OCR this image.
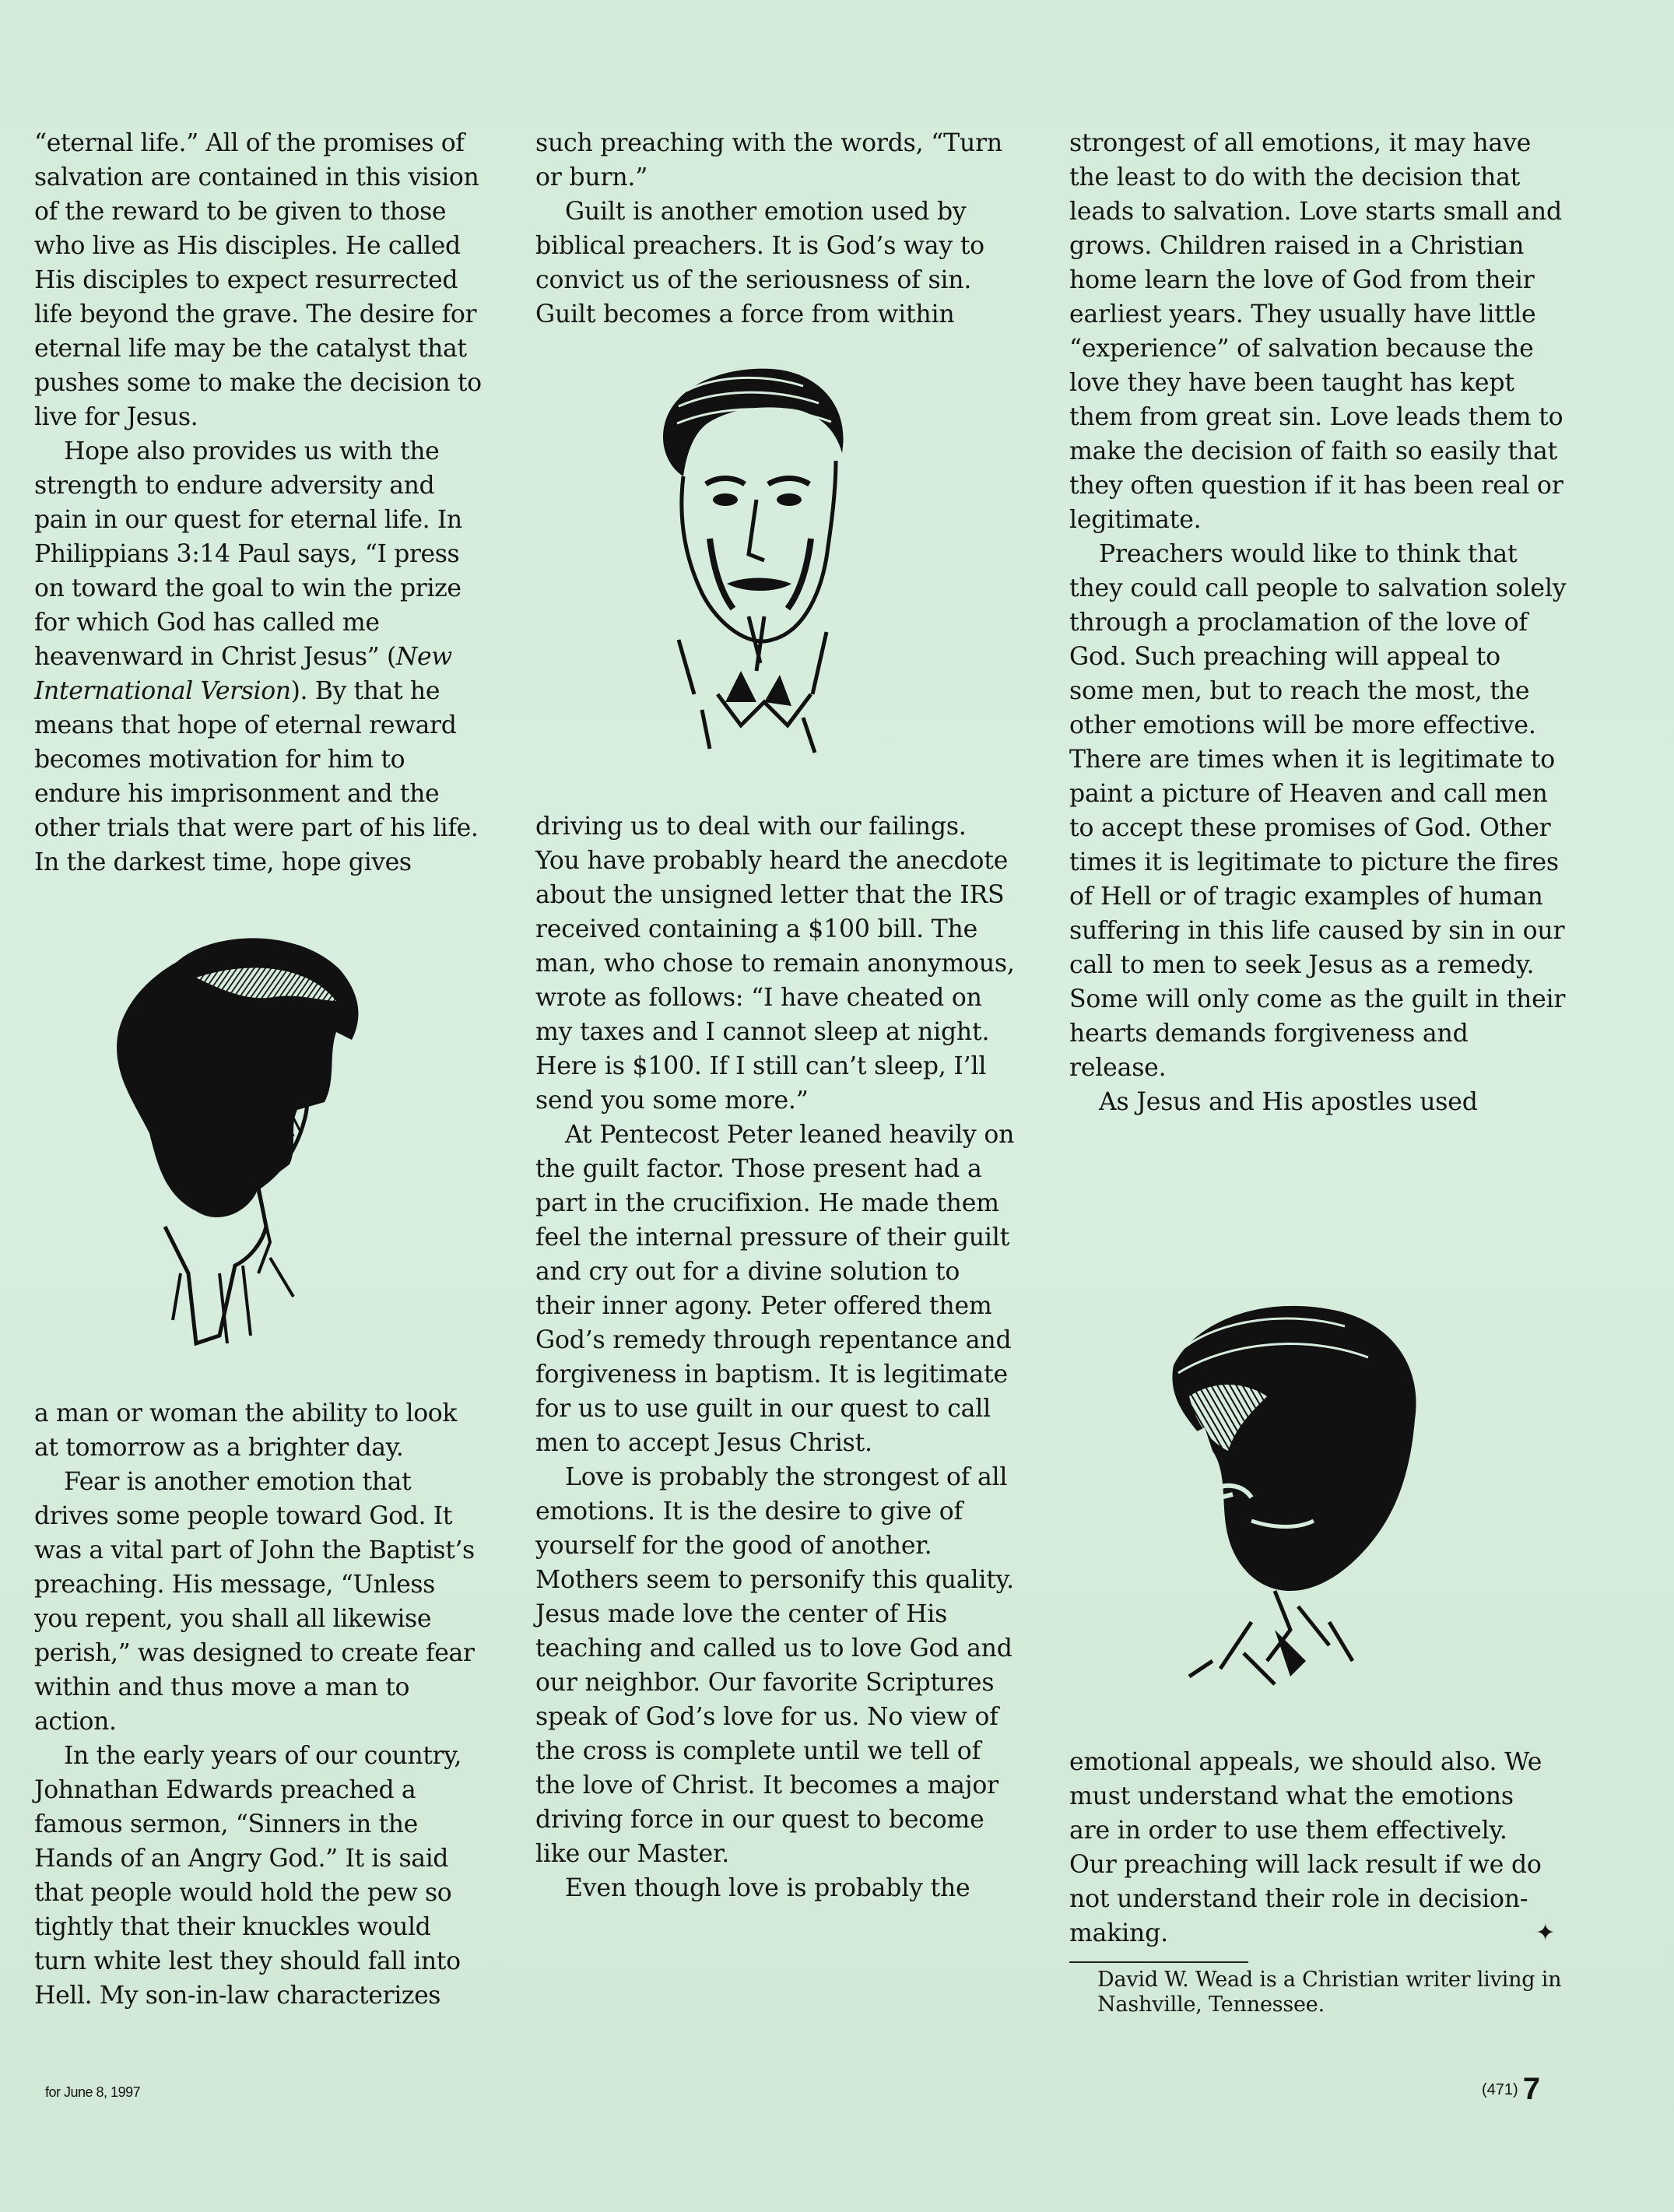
“eternal life.” All of the promises of salvation are contained in this vision of the reward to be given to those who live as His disciples. He called His disciples to expect resurrected life beyond the grave. The desire for eternal life may be the catalyst that pushes some to make the decision to live for Jesus.

Hope also provides us with the strength to endure adversity and pain in our quest for eternal life. In Philippians 3:14 Paul says, “I press on toward the goal to win the prize for which God has called me heavenward in Christ Jesus” (New International Version). By that he means that hope of eternal reward becomes motivation for him to endure his imprisonment and the other trials that were part of his life. In the darkest time, hope gives

a man or woman the ability to look at tomorrow as a brighter day.

Fear is another emotion that drives some people toward God. It was a vital part of John the Baptist’s preaching. His message, “Unless you repent, you shall all likewise perish,” was designed to create fear within and thus move a man to action.

In the early years of our country, Johnathan Edwards preached a famous sermon, “Sinners in the Hands of an Angry God.” It is said that people would hold the pew so tightly that their knuckles would turn white lest they should fall into Hell. My son-in-law characterizes

such preaching with the words, “Turn or burn.”

Guilt is another emotion used by biblical preachers. It is God’s way to convict us of the seriousness of sin. Guilt becomes a force from within

driving us to deal with our failings. You have probably heard the anecdote about the unsigned letter that the IRS received containing a $100 bill. The man, who chose to remain anonymous, wrote as follows: “I have cheated on my taxes and I cannot sleep at night. Here is $100. If I still can’t sleep, I’ll send you some more.”

At Pentecost Peter leaned heavily on the guilt factor. Those present had a part in the crucifixion. He made them feel the internal pressure of their guilt and cry out for a divine solution to their inner agony. Peter offered them God’s remedy through repentance and forgiveness in baptism. It is legitimate for us to use guilt in our quest to call men to accept Jesus Christ.

Love is probably the strongest of all emotions. It is the desire to give of yourself for the good of another. Mothers seem to personify this quality. Jesus made love the center of His teaching and called us to love God and our neighbor. Our favorite Scriptures speak of God’s love for us. No view of the cross is complete until we tell of the love of Christ. It becomes a major driving force in our quest to become like our Master.

Even though love is probably the

strongest of all emotions, it may have the least to do with the decision that leads to salvation. Love starts small and grows. Children raised in a Christian home learn the love of God from their earliest years. They usually have little “experience” of salvation because the love they have been taught has kept them from great sin. Love leads them to make the decision of faith so easily that they often question if it has been real or legitimate.

Preachers would like to think that they could call people to salvation solely through a proclamation of the love of God. Such preaching will appeal to some men, but to reach the most, the other emotions will be more effective. There are times when it is legitimate to paint a picture of Heaven and call men to accept these promises of God. Other times it is legitimate to picture the fires of Hell or of tragic examples of human suffering in this life caused by sin in our call to men to seek Jesus as a remedy. Some will only come as the guilt in their hearts demands forgiveness and release.

As Jesus and His apostles used

emotional appeals, we should also. We must understand what the emotions are in order to use them effectively. Our preaching will lack result if we do not understand their role in decision-making.	✦

David W. Wead is a Christian writer living in Nashville, Tennessee.
for June 8, 1997	(471) 7
